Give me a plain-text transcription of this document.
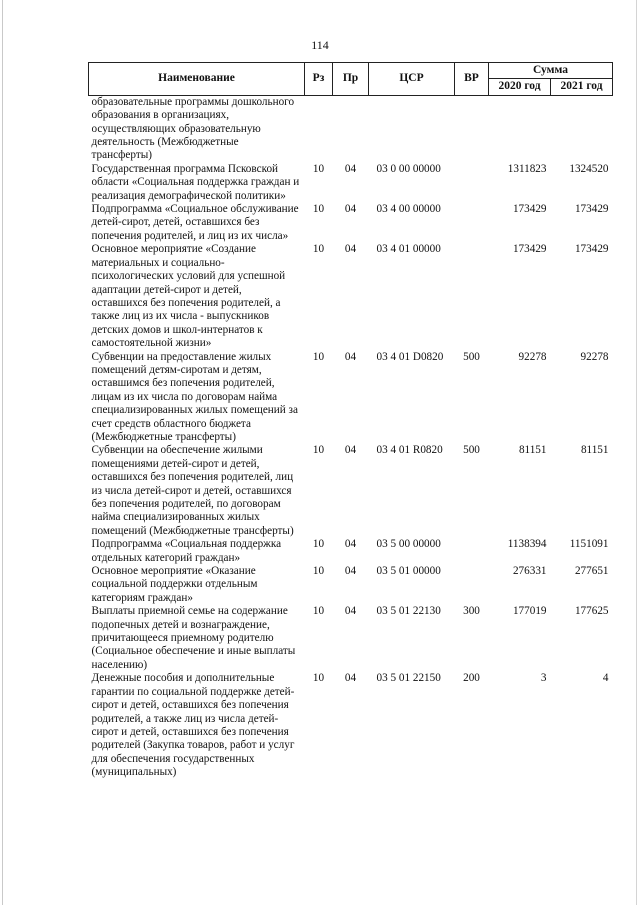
114
Наименование	Рз	Пр	ЦСР	ВР	Сумма	
					2020 год	2021 год
образовательные программы дошкольного образования в организациях, осуществляющих образовательную деятельность (Межбюджетные трансферты)						
Государственная программа Псковской области «Социальная поддержка граждан и реализация демографической политики»	10	04	03 0 00 00000		1311823	1324520
Подпрограмма «Социальное обслуживание детей-сирот, детей, оставшихся без попечения родителей, и лиц из их числа»	10	04	03 4 00 00000		173429	173429
Основное мероприятие «Создание материальных и социально-психологических условий для успешной адаптации детей-сирот и детей, оставшихся без попечения родителей, а также лиц из их числа - выпускников детских домов и школ-интернатов к самостоятельной жизни»	10	04	03 4 01 00000		173429	173429
Субвенции на предоставление жилых помещений детям-сиротам и детям, оставшимся без попечения родителей, лицам из их числа по договорам найма специализированных жилых помещений за счет средств областного бюджета (Межбюджетные трансферты)	10	04	03 4 01 D0820	500	92278	92278
Субвенции на обеспечение жилыми помещениями детей-сирот и детей, оставшихся без попечения родителей, лиц из числа детей-сирот и детей, оставшихся без попечения родителей, по договорам найма специализированных жилых помещений (Межбюджетные трансферты)	10	04	03 4 01 R0820	500	81151	81151
Подпрограмма «Социальная поддержка отдельных категорий граждан»	10	04	03 5 00 00000		1138394	1151091
Основное мероприятие «Оказание социальной поддержки отдельным категориям граждан»	10	04	03 5 01 00000		276331	277651
Выплаты приемной семье на содержание подопечных детей и вознаграждение, причитающееся приемному родителю (Социальное обеспечение и иные выплаты населению)	10	04	03 5 01 22130	300	177019	177625
Денежные пособия и дополнительные гарантии по социальной поддержке детей-сирот и детей, оставшихся без попечения родителей, а также лиц из числа детей-сирот и детей, оставшихся без попечения родителей (Закупка товаров, работ и услуг для обеспечения государственных (муниципальных)	10	04	03 5 01 22150	200	3	4
